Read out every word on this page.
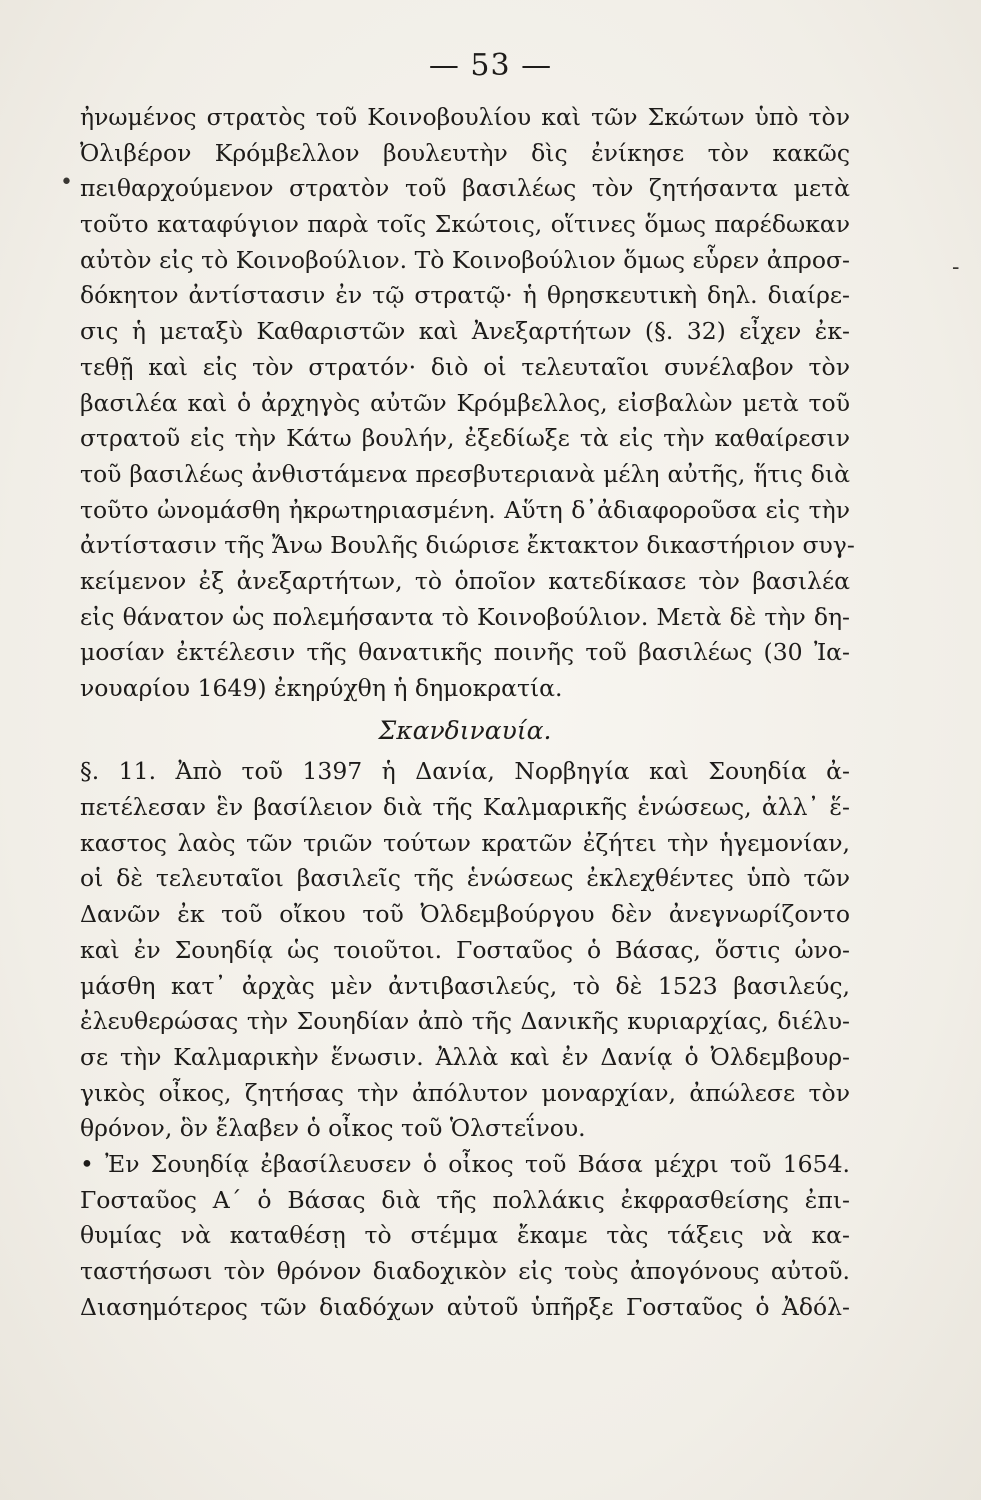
— 53 —
•
-
ἠνωμένος στρατὸς τοῦ Κοινοβουλίου καὶ τῶν Σκώτων ὑπὸ τὸν
Ὀλιβέρον Κρόμβελλον βουλευτὴν δὶς ἐνίκησε τὸν κακῶς
πειθαρχούμενον στρατὸν τοῦ βασιλέως τὸν ζητήσαντα μετὰ
τοῦτο καταφύγιον παρὰ τοῖς Σκώτοις, οἵτινες ὅμως παρέδωκαν
αὐτὸν εἰς τὸ Κοινοβούλιον. Τὸ Κοινοβούλιον ὅμως εὗρεν ἀπροσ-
δόκητον ἀντίστασιν ἐν τῷ στρατῷ· ἡ θρησκευτικὴ δηλ. διαίρε-
σις ἡ μεταξὺ Καθαριστῶν καὶ Ἀνεξαρτήτων (§. 32) εἶχεν ἐκ-
τεθῇ καὶ εἰς τὸν στρατόν· διὸ οἱ τελευταῖοι συνέλαβον τὸν
βασιλέα καὶ ὁ ἀρχηγὸς αὐτῶν Κρόμβελλος, εἰσβαλὼν μετὰ τοῦ
στρατοῦ εἰς τὴν Κάτω βουλήν, ἐξεδίωξε τὰ εἰς τὴν καθαίρεσιν
τοῦ βασιλέως ἀνθιστάμενα πρεσβυτεριανὰ μέλη αὐτῆς, ἥτις διὰ
τοῦτο ὠνομάσθη ἠκρωτηριασμένη. Αὕτη δ᾽ἀδιαφοροῦσα εἰς τὴν
ἀντίστασιν τῆς Ἄνω Βουλῆς διώρισε ἔκτακτον δικαστήριον συγ-
κείμενον ἐξ ἀνεξαρτήτων, τὸ ὁποῖον κατεδίκασε τὸν βασιλέα
εἰς θάνατον ὡς πολεμήσαντα τὸ Κοινοβούλιον. Μετὰ δὲ τὴν δη-
μοσίαν ἐκτέλεσιν τῆς θανατικῆς ποινῆς τοῦ βασιλέως (30 Ἰα-
νουαρίου 1649) ἐκηρύχθη ἡ δημοκρατία.
Σκανδιναυία.
§. 11. Ἀπὸ τοῦ 1397 ἡ Δανία, Νορβηγία καὶ Σουηδία ἀ-
πετέλεσαν ἓν βασίλειον διὰ τῆς Καλμαρικῆς ἑνώσεως, ἀλλ᾽ ἕ-
καστος λαὸς τῶν τριῶν τούτων κρατῶν ἐζήτει τὴν ἡγεμονίαν,
οἱ δὲ τελευταῖοι βασιλεῖς τῆς ἑνώσεως ἐκλεχθέντες ὑπὸ τῶν
Δανῶν ἐκ τοῦ οἴκου τοῦ Ὀλδεμβούργου δὲν ἀνεγνωρίζοντο
καὶ ἐν Σουηδίᾳ ὡς τοιοῦτοι. Γοσταῦος ὁ Βάσας, ὅστις ὠνο-
μάσθη κατ᾽ ἀρχὰς μὲν ἀντιβασιλεύς, τὸ δὲ 1523 βασιλεύς,
ἐλευθερώσας τὴν Σουηδίαν ἀπὸ τῆς Δανικῆς κυριαρχίας, διέλυ-
σε τὴν Καλμαρικὴν ἕνωσιν. Ἀλλὰ καὶ ἐν Δανίᾳ ὁ Ὀλδεμβουρ-
γικὸς οἶκος, ζητήσας τὴν ἀπόλυτον μοναρχίαν, ἀπώλεσε τὸν
θρόνον, ὃν ἔλαβεν ὁ οἶκος τοῦ Ὁλστεΐνου.
• Ἐν Σουηδίᾳ ἐβασίλευσεν ὁ οἶκος τοῦ Βάσα μέχρι τοῦ 1654.
Γοσταῦος Α´ ὁ Βάσας διὰ τῆς πολλάκις ἐκφρασθείσης ἐπι-
θυμίας νὰ καταθέσῃ τὸ στέμμα ἔκαμε τὰς τάξεις νὰ κα-
ταστήσωσι τὸν θρόνον διαδοχικὸν εἰς τοὺς ἀπογόνους αὐτοῦ.
Διασημότερος τῶν διαδόχων αὐτοῦ ὑπῆρξε Γοσταῦος ὁ Ἀδόλ-
